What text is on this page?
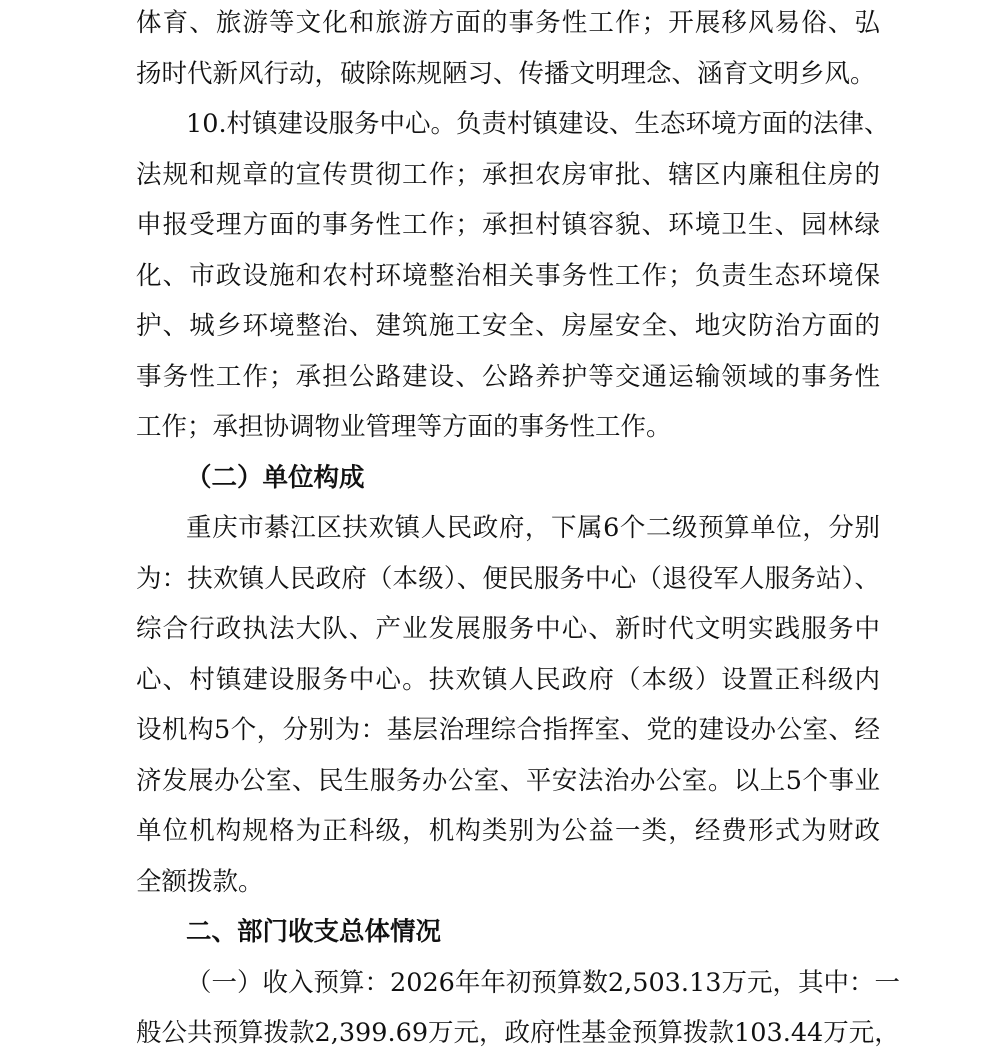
体育、旅游等文化和旅游方面的事务性工作；开展移风易俗、弘
扬时代新风行动，破除陈规陋习、传播文明理念、涵育文明乡风。
10.村镇建设服务中心。负责村镇建设、生态环境方面的法律、
法规和规章的宣传贯彻工作；承担农房审批、辖区内廉租住房的
申报受理方面的事务性工作；承担村镇容貌、环境卫生、园林绿
化、市政设施和农村环境整治相关事务性工作；负责生态环境保
护、城乡环境整治、建筑施工安全、房屋安全、地灾防治方面的
事务性工作；承担公路建设、公路养护等交通运输领域的事务性
工作；承担协调物业管理等方面的事务性工作。
（二）单位构成
重庆市綦江区扶欢镇人民政府，下属6个二级预算单位，分别
为：扶欢镇人民政府（本级）、便民服务中心（退役军人服务站）、
综合行政执法大队、产业发展服务中心、新时代文明实践服务中
心、村镇建设服务中心。扶欢镇人民政府（本级）设置正科级内
设机构5个，分别为：基层治理综合指挥室、党的建设办公室、经
济发展办公室、民生服务办公室、平安法治办公室。以上5个事业
单位机构规格为正科级，机构类别为公益一类，经费形式为财政
全额拨款。
二、部门收支总体情况
（一）收入预算：2026年年初预算数2,503.13万元，其中：一
般公共预算拨款2,399.69万元，政府性基金预算拨款103.44万元，
